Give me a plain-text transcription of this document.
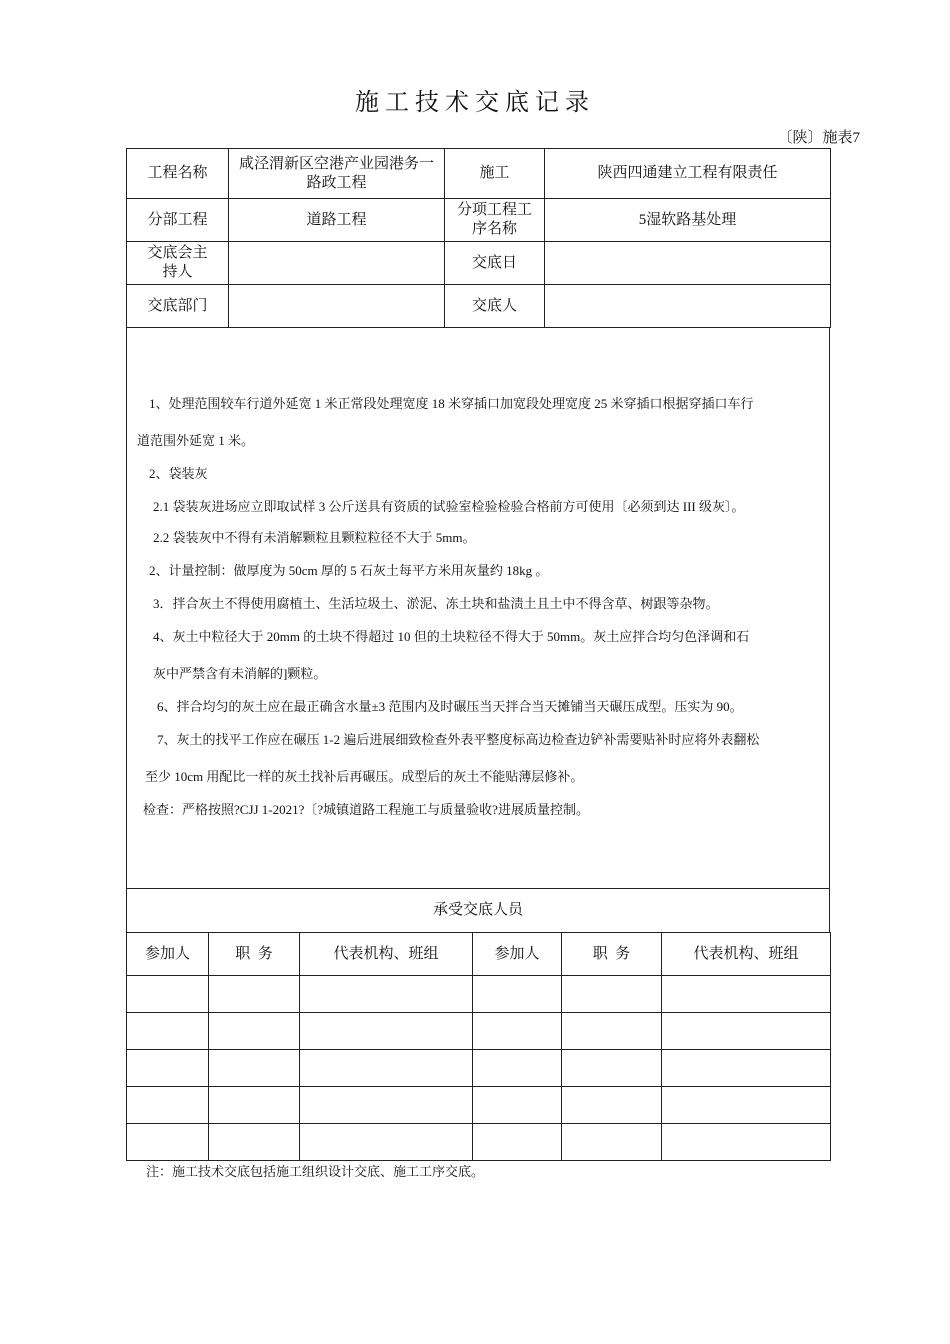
施工技术交底记录
〔陕〕施表7
工程名称	咸泾渭新区空港产业园港务一路政工程	施工	陕西四通建立工程有限责任
分部工程	道路工程	分项工程工序名称	5湿软路基处理
交底会主持人		交底日	
交底部门		交底人	
1、处理范围较车行道外延宽 1 米正常段处理宽度 18 米穿插口加宽段处理宽度 25 米穿插口根据穿插口车行
道范围外延宽 1 米。
2、袋装灰
2.1 袋装灰进场应立即取试样 3 公斤送具有资质的试验室检验检验合格前方可使用〔必须到达 III 级灰〕。
2.2 袋装灰中不得有未消解颗粒且颗粒粒径不大于 5mm。
2、计量控制：做厚度为 50cm 厚的 5 石灰土每平方米用灰量约 18kg 。
3．拌合灰土不得使用腐植土、生活垃圾土、淤泥、冻土块和盐渍土且土中不得含草、树跟等杂物。
4、灰土中粒径大于 20mm 的土块不得超过 10 但的土块粒径不得大于 50mm。灰土应拌合均匀色泽调和石
灰中严禁含有未消解的]颗粒。
6、拌合均匀的灰土应在最正确含水量±3 范围内及时碾压当天拌合当天摊铺当天碾压成型。压实为 90。
7、灰土的找平工作应在碾压 1-2 遍后进展细致检查外表平整度标高边检查边铲补需要贴补时应将外表翻松
至少 10cm 用配比一样的灰土找补后再碾压。成型后的灰土不能贴薄层修补。
检查：严格按照?CJJ 1-2021?〔?城镇道路工程施工与质量验收?进展质量控制。
承受交底人员
参加人	职  务	代表机构、班组	参加人	职  务	代表机构、班组

注：施工技术交底包括施工组织设计交底、施工工序交底。
